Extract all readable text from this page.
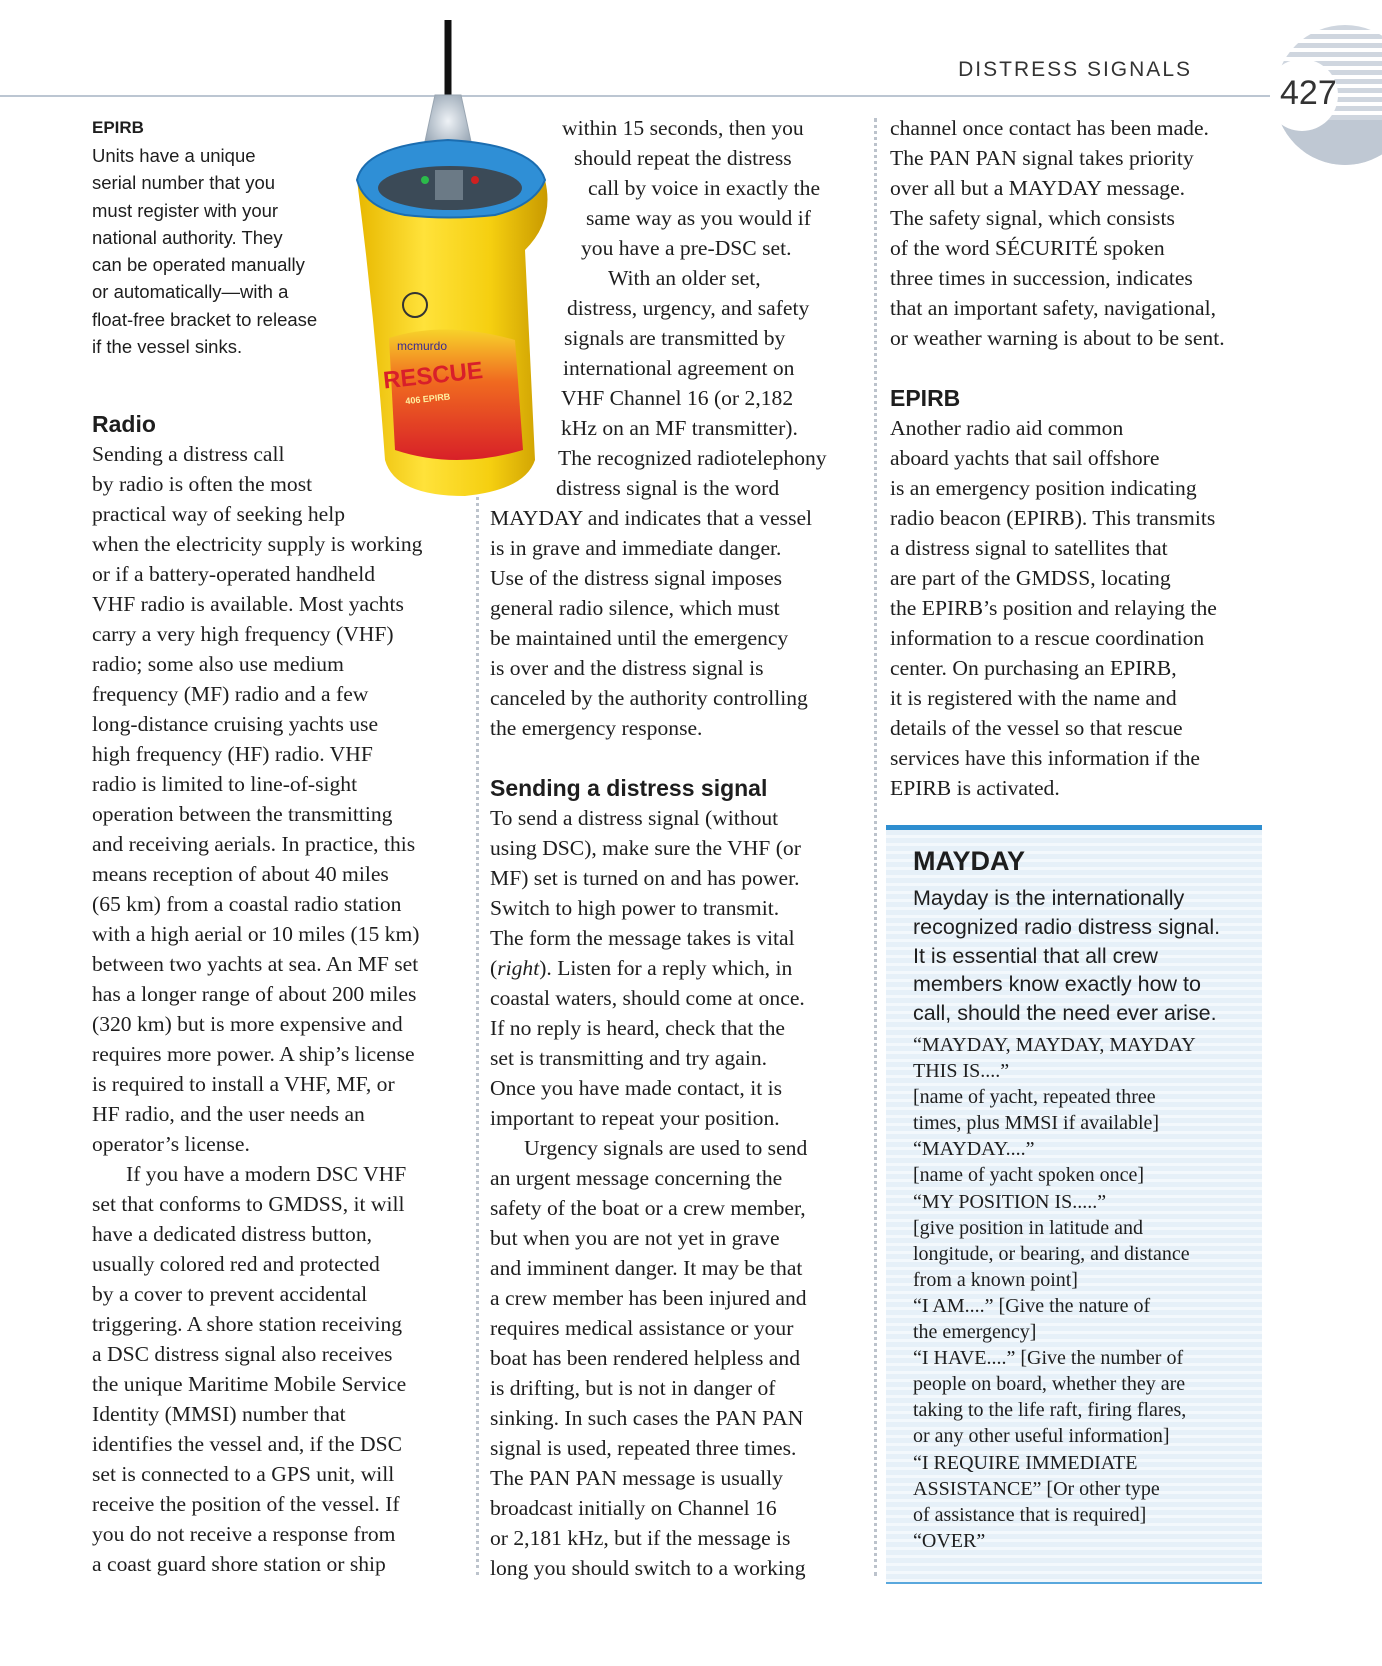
DISTRESS SIGNALS
427
mcmurdo
RESCUE
406 EPIRB
EPIRB
Units have a unique
serial number that you
must register with your
national authority. They
can be operated manually
or automatically—with a
float-free bracket to release
if the vessel sinks.

Radio

Sending a distress call
by radio is often the most
practical way of seeking help
when the electricity supply is working
or if a battery-operated handheld
VHF radio is available. Most yachts
carry a very high frequency (VHF)
radio; some also use medium
frequency (MF) radio and a few
long-distance cruising yachts use
high frequency (HF) radio. VHF
radio is limited to line-of-sight
operation between the transmitting
and receiving aerials. In practice, this
means reception of about 40 miles
(65 km) from a coastal radio station
with a high aerial or 10 miles (15 km)
between two yachts at sea. An MF set
has a longer range of about 200 miles
(320 km) but is more expensive and
requires more power. A ship’s license
is required to install a VHF, MF, or
HF radio, and the user needs an
operator’s license.
If you have a modern DSC VHF
set that conforms to GMDSS, it will
have a dedicated distress button,
usually colored red and protected
by a cover to prevent accidental
triggering. A shore station receiving
a DSC distress signal also receives
the unique Maritime Mobile Service
Identity (MMSI) number that
identifies the vessel and, if the DSC
set is connected to a GPS unit, will
receive the position of the vessel. If
you do not receive a response from
a coast guard shore station or ship
within 15 seconds, then you
should repeat the distress
call by voice in exactly the
same way as you would if
you have a pre-DSC set.
With an older set,
distress, urgency, and safety
signals are transmitted by
international agreement on
VHF Channel 16 (or 2,182
kHz on an MF transmitter).
The recognized radiotelephony
distress signal is the word
MAYDAY and indicates that a vessel
is in grave and immediate danger.
Use of the distress signal imposes
general radio silence, which must
be maintained until the emergency
is over and the distress signal is
canceled by the authority controlling
the emergency response.

Sending a distress signal

To send a distress signal (without
using DSC), make sure the VHF (or
MF) set is turned on and has power.
Switch to high power to transmit.
The form the message takes is vital
(right). Listen for a reply which, in
coastal waters, should come at once.
If no reply is heard, check that the
set is transmitting and try again.
Once you have made contact, it is
important to repeat your position.
Urgency signals are used to send
an urgent message concerning the
safety of the boat or a crew member,
but when you are not yet in grave
and imminent danger. It may be that
a crew member has been injured and
requires medical assistance or your
boat has been rendered helpless and
is drifting, but is not in danger of
sinking. In such cases the PAN PAN
signal is used, repeated three times.
The PAN PAN message is usually
broadcast initially on Channel 16
or 2,181 kHz, but if the message is
long you should switch to a working
channel once contact has been made.
The PAN PAN signal takes priority
over all but a MAYDAY message.
The safety signal, which consists
of the word SÉCURITÉ spoken
three times in succession, indicates
that an important safety, navigational,
or weather warning is about to be sent.

EPIRB

Another radio aid common
aboard yachts that sail offshore
is an emergency position indicating
radio beacon (EPIRB). This transmits
a distress signal to satellites that
are part of the GMDSS, locating
the EPIRB’s position and relaying the
information to a rescue coordination
center. On purchasing an EPIRB,
it is registered with the name and
details of the vessel so that rescue
services have this information if the
EPIRB is activated.
MAYDAY
Mayday is the internationally
recognized radio distress signal.
It is essential that all crew
members know exactly how to
call, should the need ever arise.
“MAYDAY, MAYDAY, MAYDAY
THIS IS....”
[name of yacht, repeated three
times, plus MMSI if available]
“MAYDAY....”
[name of yacht spoken once]
“MY POSITION IS.....”
[give position in latitude and
longitude, or bearing, and distance
from a known point]
“I AM....” [Give the nature of
the emergency]
“I HAVE....” [Give the number of
people on board, whether they are
taking to the life raft, firing flares,
or any other useful information]
“I REQUIRE IMMEDIATE
ASSISTANCE” [Or other type
of assistance that is required]
“OVER”
